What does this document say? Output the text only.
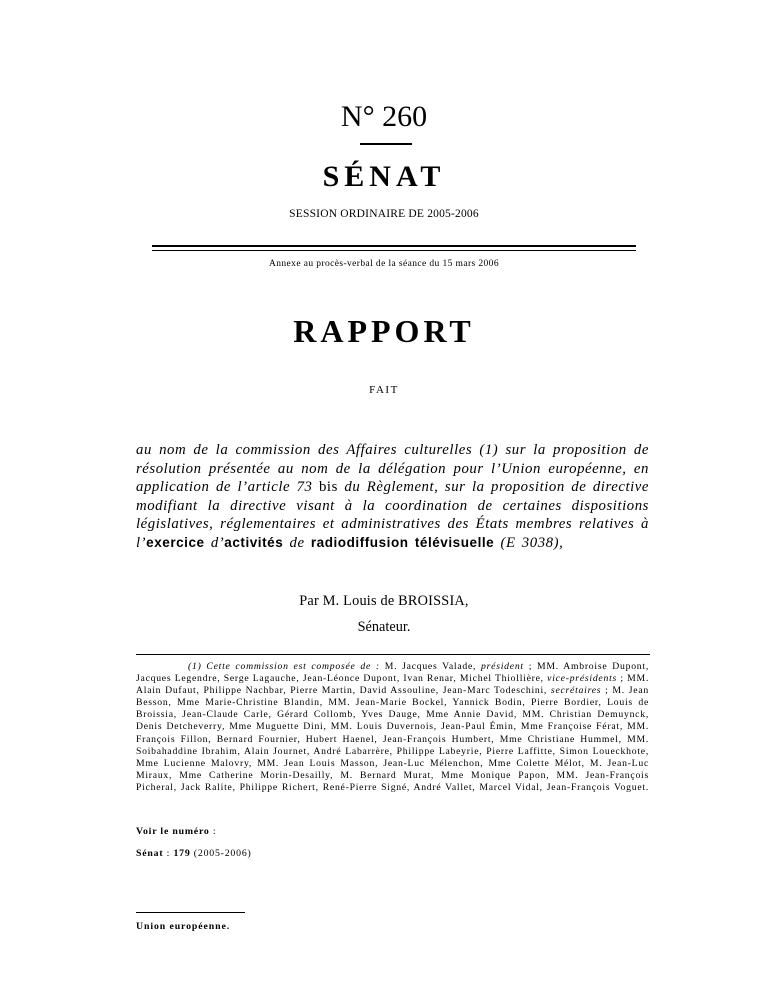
N° 260
SÉNAT
SESSION ORDINAIRE DE 2005-2006
Annexe au procès-verbal de la séance du 15 mars 2006
RAPPORT
FAIT
au nom de la commission des Affaires culturelles (1) sur la proposition de résolution présentée au nom de la délégation pour l’Union européenne, en application de l’article 73 bis du Règlement, sur la proposition de directive modifiant la directive visant à la coordination de certaines dispositions législatives, réglementaires et administratives des États membres relatives à l’exercice d’activités de radiodiffusion télévisuelle (E 3038),
Par M. Louis de BROISSIA,
Sénateur.
(1) Cette commission est composée de : M. Jacques Valade, président ; MM. Ambroise Dupont, Jacques Legendre, Serge Lagauche, Jean-Léonce Dupont, Ivan Renar, Michel Thiollière, vice-présidents ; MM. Alain Dufaut, Philippe Nachbar, Pierre Martin, David Assouline, Jean-Marc Todeschini, secrétaires ; M. Jean Besson, Mme Marie-Christine Blandin, MM. Jean-Marie Bockel, Yannick Bodin, Pierre Bordier, Louis de Broissia, Jean-Claude Carle, Gérard Collomb, Yves Dauge, Mme Annie David, MM. Christian Demuynck, Denis Detcheverry, Mme Muguette Dini, MM. Louis Duvernois, Jean-Paul Émin, Mme Françoise Férat, MM. François Fillon, Bernard Fournier, Hubert Haenel, Jean-François Humbert, Mme Christiane Hummel, MM. Soibahaddine Ibrahim, Alain Journet, André Labarrère, Philippe Labeyrie, Pierre Laffitte, Simon Loueckhote, Mme Lucienne Malovry, MM. Jean Louis Masson, Jean-Luc Mélenchon, Mme Colette Mélot, M. Jean-Luc Miraux, Mme Catherine Morin-Desailly, M. Bernard Murat, Mme Monique Papon, MM. Jean-François Picheral, Jack Ralite, Philippe Richert, René-Pierre Signé, André Vallet, Marcel Vidal, Jean-François Voguet.
Voir le numéro :
Sénat : 179 (2005-2006)
Union européenne.
